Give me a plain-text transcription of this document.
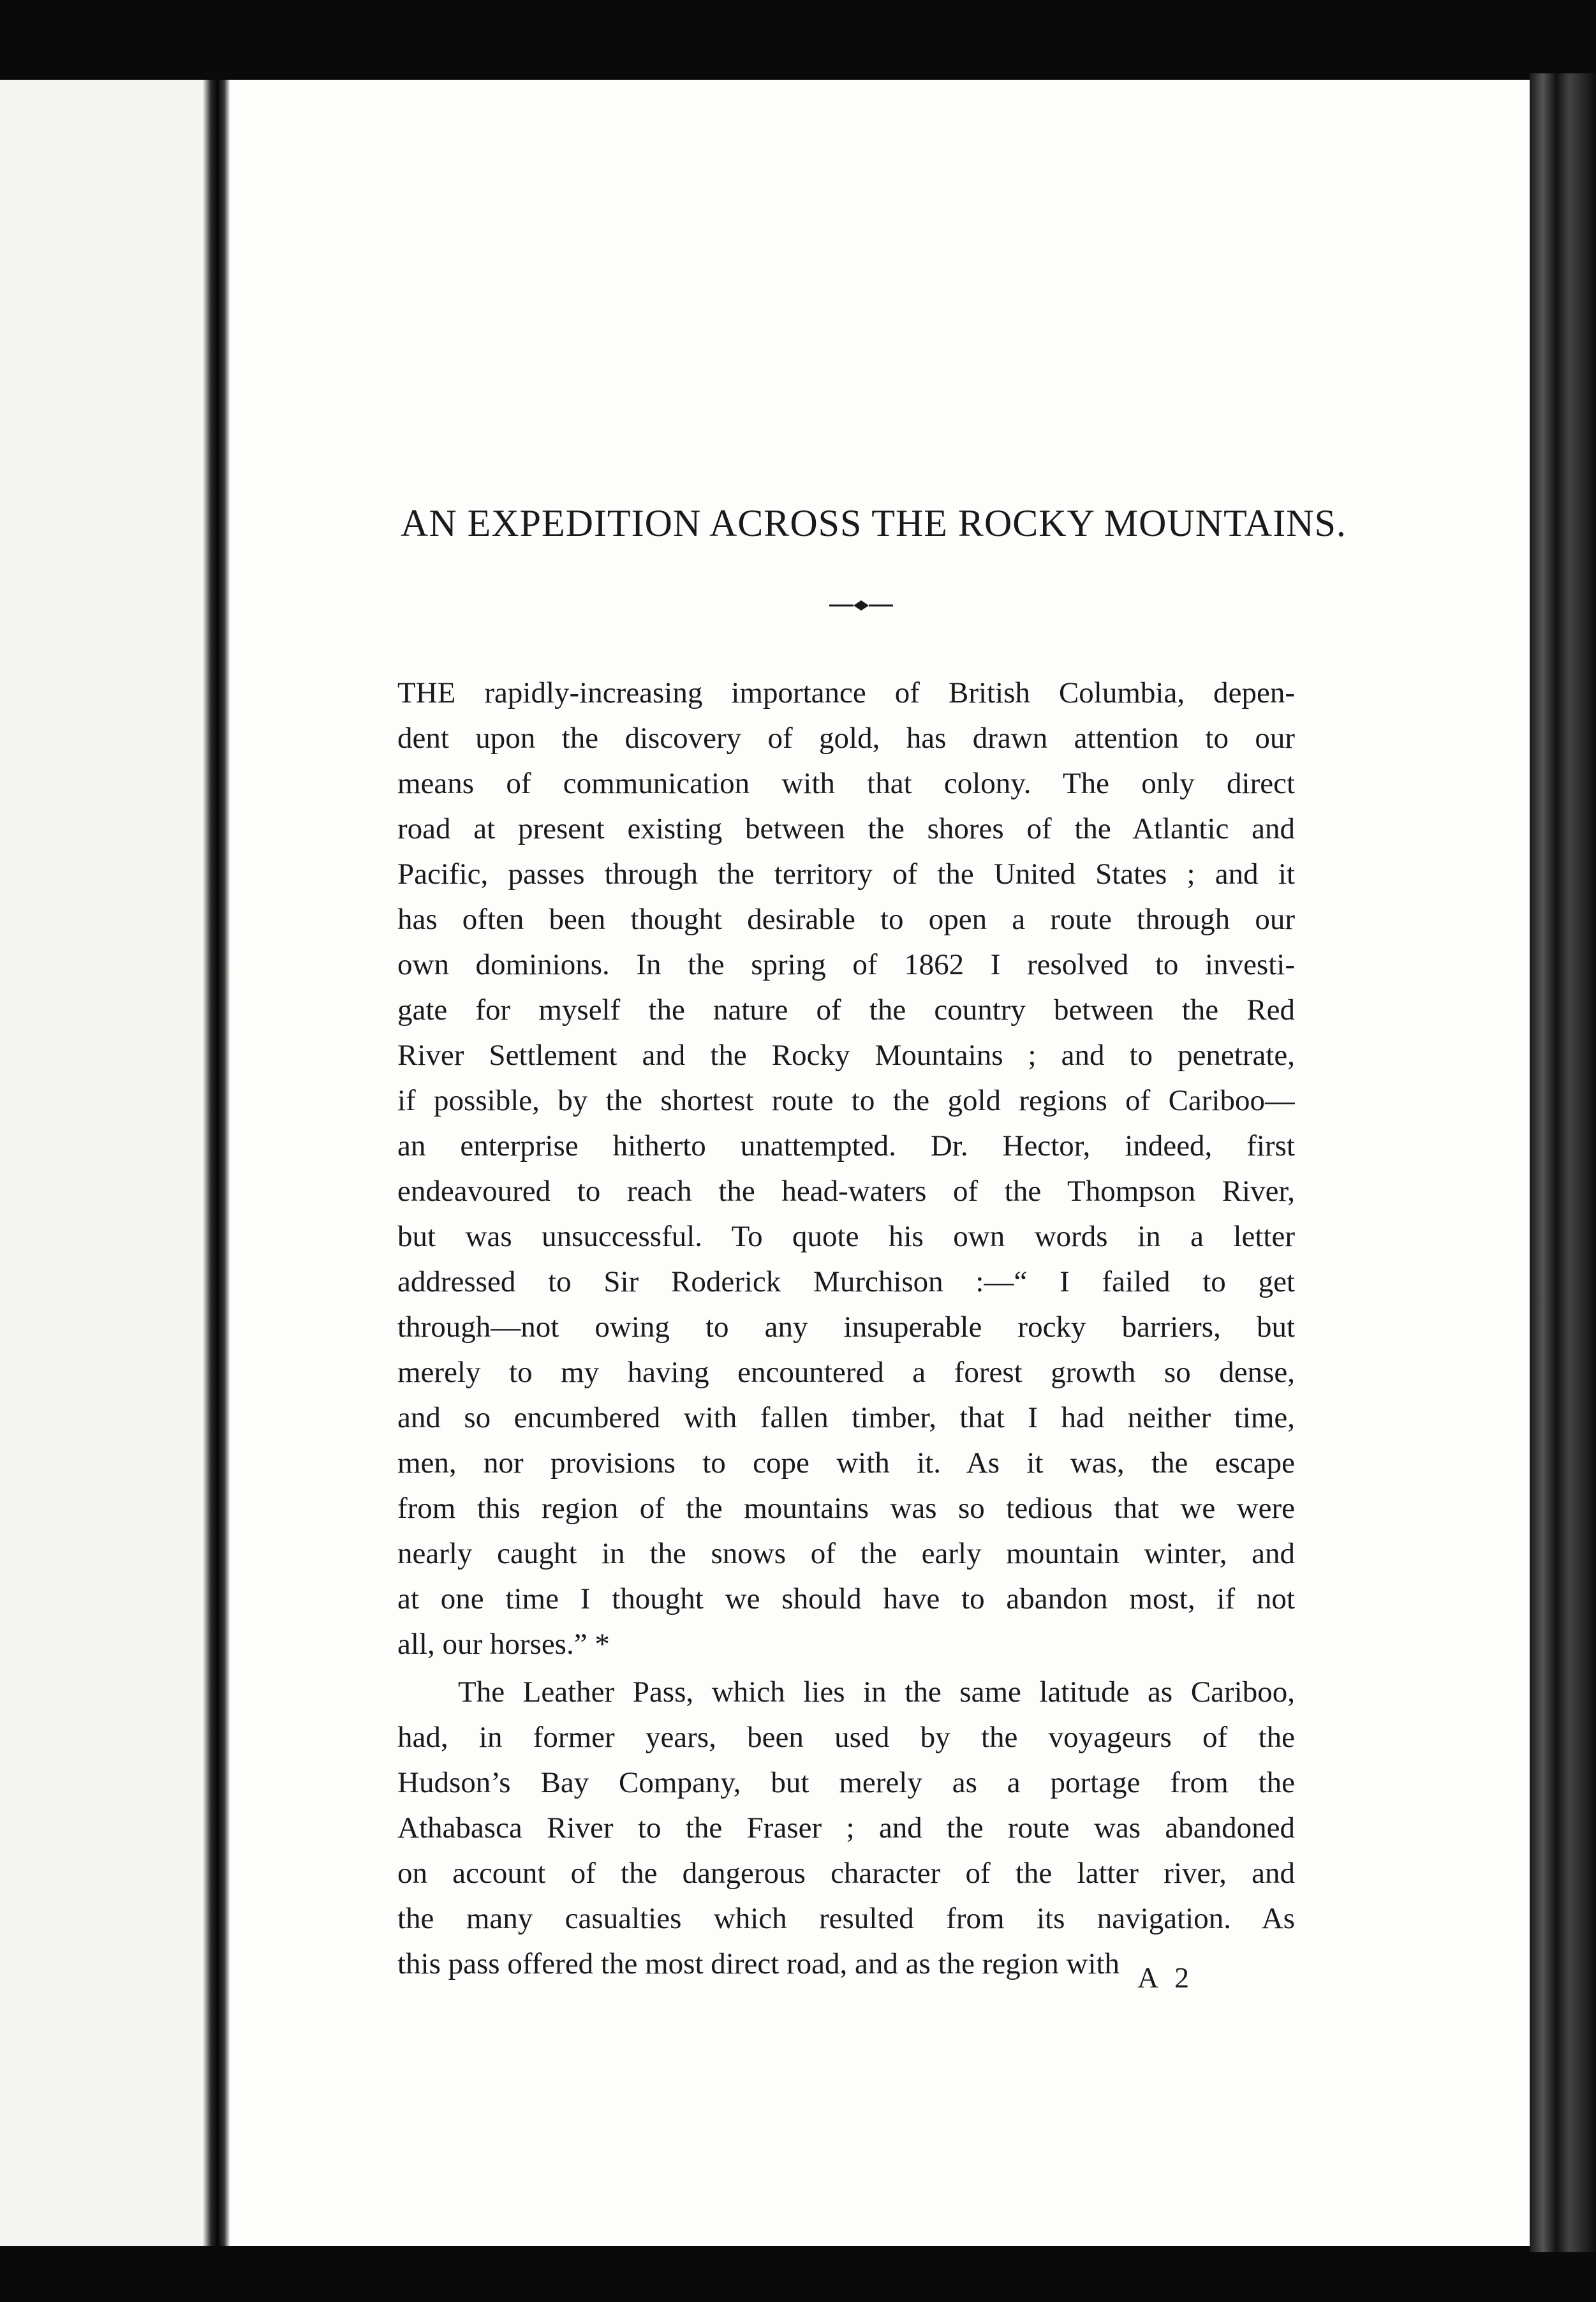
AN EXPEDITION ACROSS THE ROCKY MOUNTAINS.
THE rapidly-increasing importance of British Columbia, depen-
dent upon the discovery of gold, has drawn attention to our
means of communication with that colony. The only direct
road at present existing between the shores of the Atlantic and
Pacific, passes through the territory of the United States ; and it
has often been thought desirable to open a route through our
own dominions. In the spring of 1862 I resolved to investi-
gate for myself the nature of the country between the Red
River Settlement and the Rocky Mountains ; and to penetrate,
if possible, by the shortest route to the gold regions of Cariboo—
an enterprise hitherto unattempted. Dr. Hector, indeed, first
endeavoured to reach the head-waters of the Thompson River,
but was unsuccessful. To quote his own words in a letter
addressed to Sir Roderick Murchison :—“ I failed to get
through—not owing to any insuperable rocky barriers, but
merely to my having encountered a forest growth so dense,
and so encumbered with fallen timber, that I had neither time,
men, nor provisions to cope with it. As it was, the escape
from this region of the mountains was so tedious that we were
nearly caught in the snows of the early mountain winter, and
at one time I thought we should have to abandon most, if not
all, our horses.” *
The Leather Pass, which lies in the same latitude as Cariboo,
had, in former years, been used by the voyageurs of the
Hudson’s Bay Company, but merely as a portage from the
Athabasca River to the Fraser ; and the route was abandoned
on account of the dangerous character of the latter river, and
the many casualties which resulted from its navigation. As
this pass offered the most direct road, and as the region with A 2
